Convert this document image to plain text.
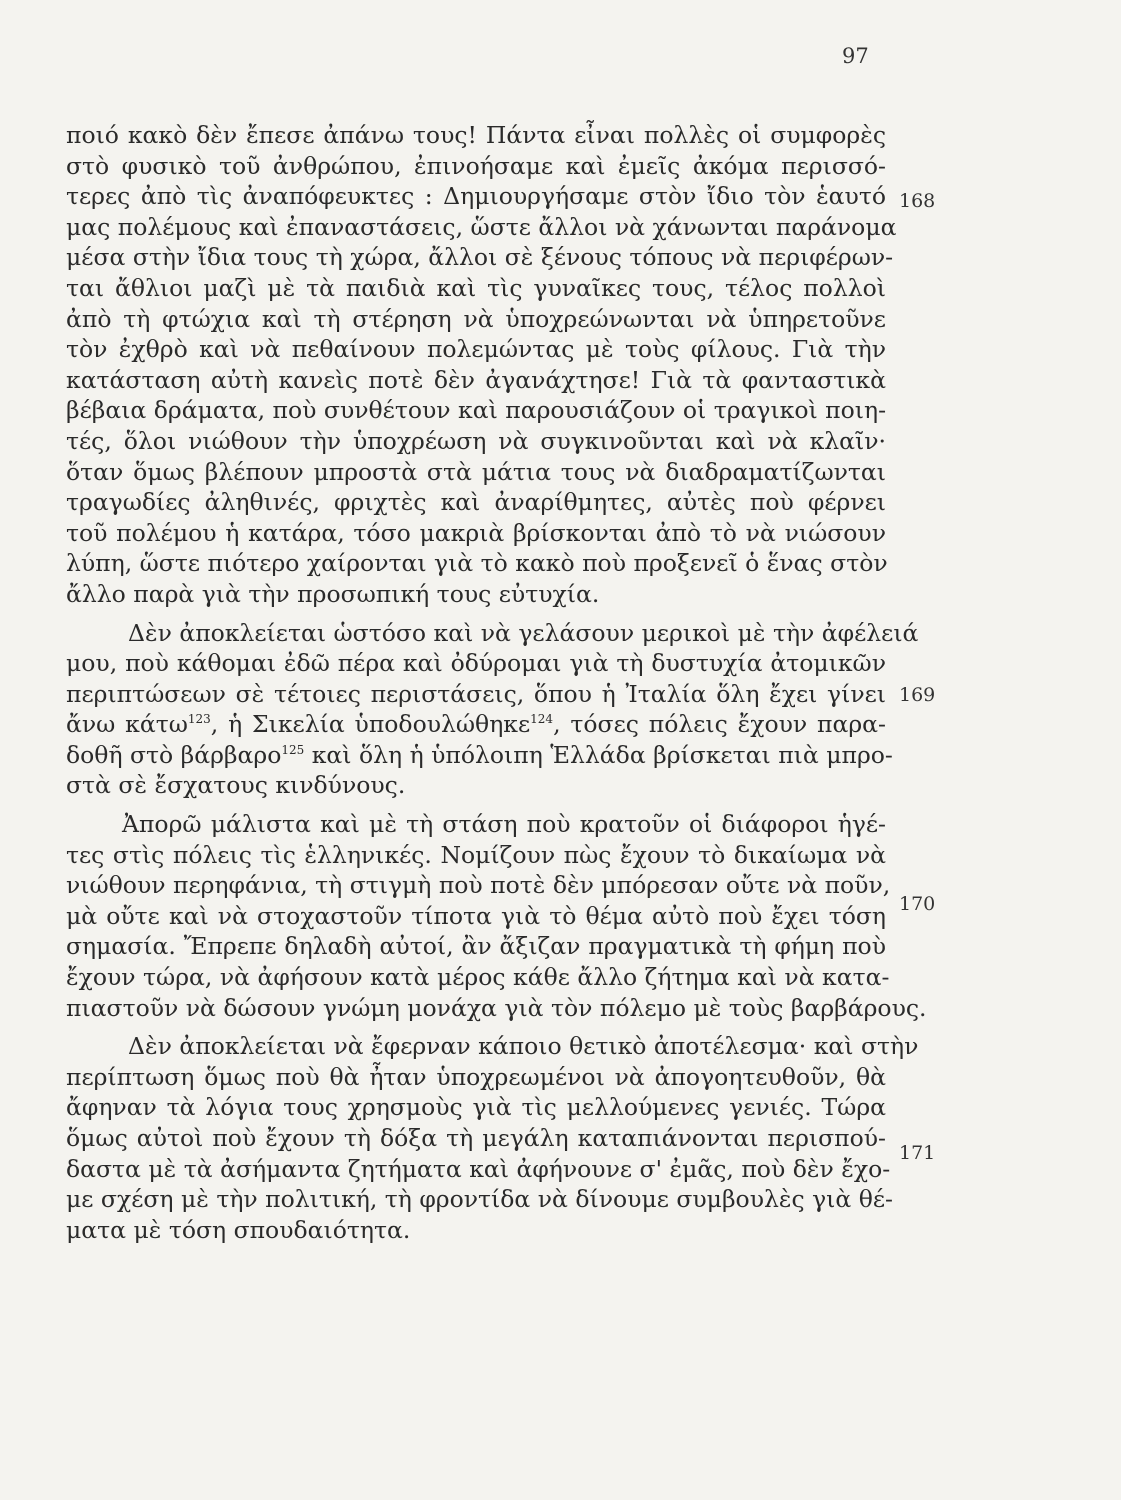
97
168
169
170
171
ποιό κακὸ δὲν ἔπεσε ἀπάνω τους! Πάντα εἶναι πολλὲς οἱ συμφορὲς
στὸ φυσικὸ τοῦ ἀνθρώπου, ἐπινοήσαμε καὶ ἐμεῖς ἀκόμα περισσό-
τερες ἀπὸ τὶς ἀναπόφευκτες : Δημιουργήσαμε στὸν ἴδιο τὸν ἑαυτό
μας πολέμους καὶ ἐπαναστάσεις, ὥστε ἄλλοι νὰ χάνωνται παράνομα
μέσα στὴν ἴδια τους τὴ χώρα, ἄλλοι σὲ ξένους τόπους νὰ περιφέρων-
ται ἄθλιοι μαζὶ μὲ τὰ παιδιὰ καὶ τὶς γυναῖκες τους, τέλος πολλοὶ
ἀπὸ τὴ φτώχια καὶ τὴ στέρηση νὰ ὑποχρεώνωνται νὰ ὑπηρετοῦνε
τὸν ἐχθρὸ καὶ νὰ πεθαίνουν πολεμώντας μὲ τοὺς φίλους. Γιὰ τὴν
κατάσταση αὐτὴ κανεὶς ποτὲ δὲν ἀγανάχτησε! Γιὰ τὰ φανταστικὰ
βέβαια δράματα, ποὺ συνθέτουν καὶ παρουσιάζουν οἱ τραγικοὶ ποιη-
τές, ὅλοι νιώθουν τὴν ὑποχρέωση νὰ συγκινοῦνται καὶ νὰ κλαῖν·
ὅταν ὅμως βλέπουν μπροστὰ στὰ μάτια τους νὰ διαδραματίζωνται
τραγωδίες ἀληθινές, φριχτὲς καὶ ἀναρίθμητες, αὐτὲς ποὺ φέρνει
τοῦ πολέμου ἡ κατάρα, τόσο μακριὰ βρίσκονται ἀπὸ τὸ νὰ νιώσουν
λύπη, ὥστε πιότερο χαίρονται γιὰ τὸ κακὸ ποὺ προξενεῖ ὁ ἕνας στὸν
ἄλλο παρὰ γιὰ τὴν προσωπική τους εὐτυχία.
Δὲν ἀποκλείεται ὡστόσο καὶ νὰ γελάσουν μερικοὶ μὲ τὴν ἀφέλειά
μου, ποὺ κάθομαι ἐδῶ πέρα καὶ ὀδύρομαι γιὰ τὴ δυστυχία ἀτομικῶν
περιπτώσεων σὲ τέτοιες περιστάσεις, ὅπου ἡ Ἰταλία ὅλη ἔχει γίνει
ἄνω κάτω$^{123}$, ἡ Σικελία ὑποδουλώθηκε$^{124}$, τόσες πόλεις ἔχουν παρα-
δοθῆ στὸ βάρβαρο$^{125}$ καὶ ὅλη ἡ ὑπόλοιπη Ἑλλάδα βρίσκεται πιὰ μπρο-
στὰ σὲ ἔσχατους κινδύνους.
Ἀπορῶ μάλιστα καὶ μὲ τὴ στάση ποὺ κρατοῦν οἱ διάφοροι ἡγέ-
τες στὶς πόλεις τὶς ἑλληνικές. Νομίζουν πὼς ἔχουν τὸ δικαίωμα νὰ
νιώθουν περηφάνια, τὴ στιγμὴ ποὺ ποτὲ δὲν μπόρεσαν οὔτε νὰ ποῦν,
μὰ οὔτε καὶ νὰ στοχαστοῦν τίποτα γιὰ τὸ θέμα αὐτὸ ποὺ ἔχει τόση
σημασία. Ἔπρεπε δηλαδὴ αὐτοί, ἂν ἄξιζαν πραγματικὰ τὴ φήμη ποὺ
ἔχουν τώρα, νὰ ἀφήσουν κατὰ μέρος κάθε ἄλλο ζήτημα καὶ νὰ κατα-
πιαστοῦν νὰ δώσουν γνώμη μονάχα γιὰ τὸν πόλεμο μὲ τοὺς βαρβάρους.
Δὲν ἀποκλείεται νὰ ἔφερναν κάποιο θετικὸ ἀποτέλεσμα· καὶ στὴν
περίπτωση ὅμως ποὺ θὰ ἦταν ὑποχρεωμένοι νὰ ἀπογοητευθοῦν, θὰ
ἄφηναν τὰ λόγια τους χρησμοὺς γιὰ τὶς μελλούμενες γενιές. Τώρα
ὅμως αὐτοὶ ποὺ ἔχουν τὴ δόξα τὴ μεγάλη καταπιάνονται περισπού-
δαστα μὲ τὰ ἀσήμαντα ζητήματα καὶ ἀφήνουνε σ' ἐμᾶς, ποὺ δὲν ἔχο-
με σχέση μὲ τὴν πολιτική, τὴ φροντίδα νὰ δίνουμε συμβουλὲς γιὰ θέ-
ματα μὲ τόση σπουδαιότητα.
